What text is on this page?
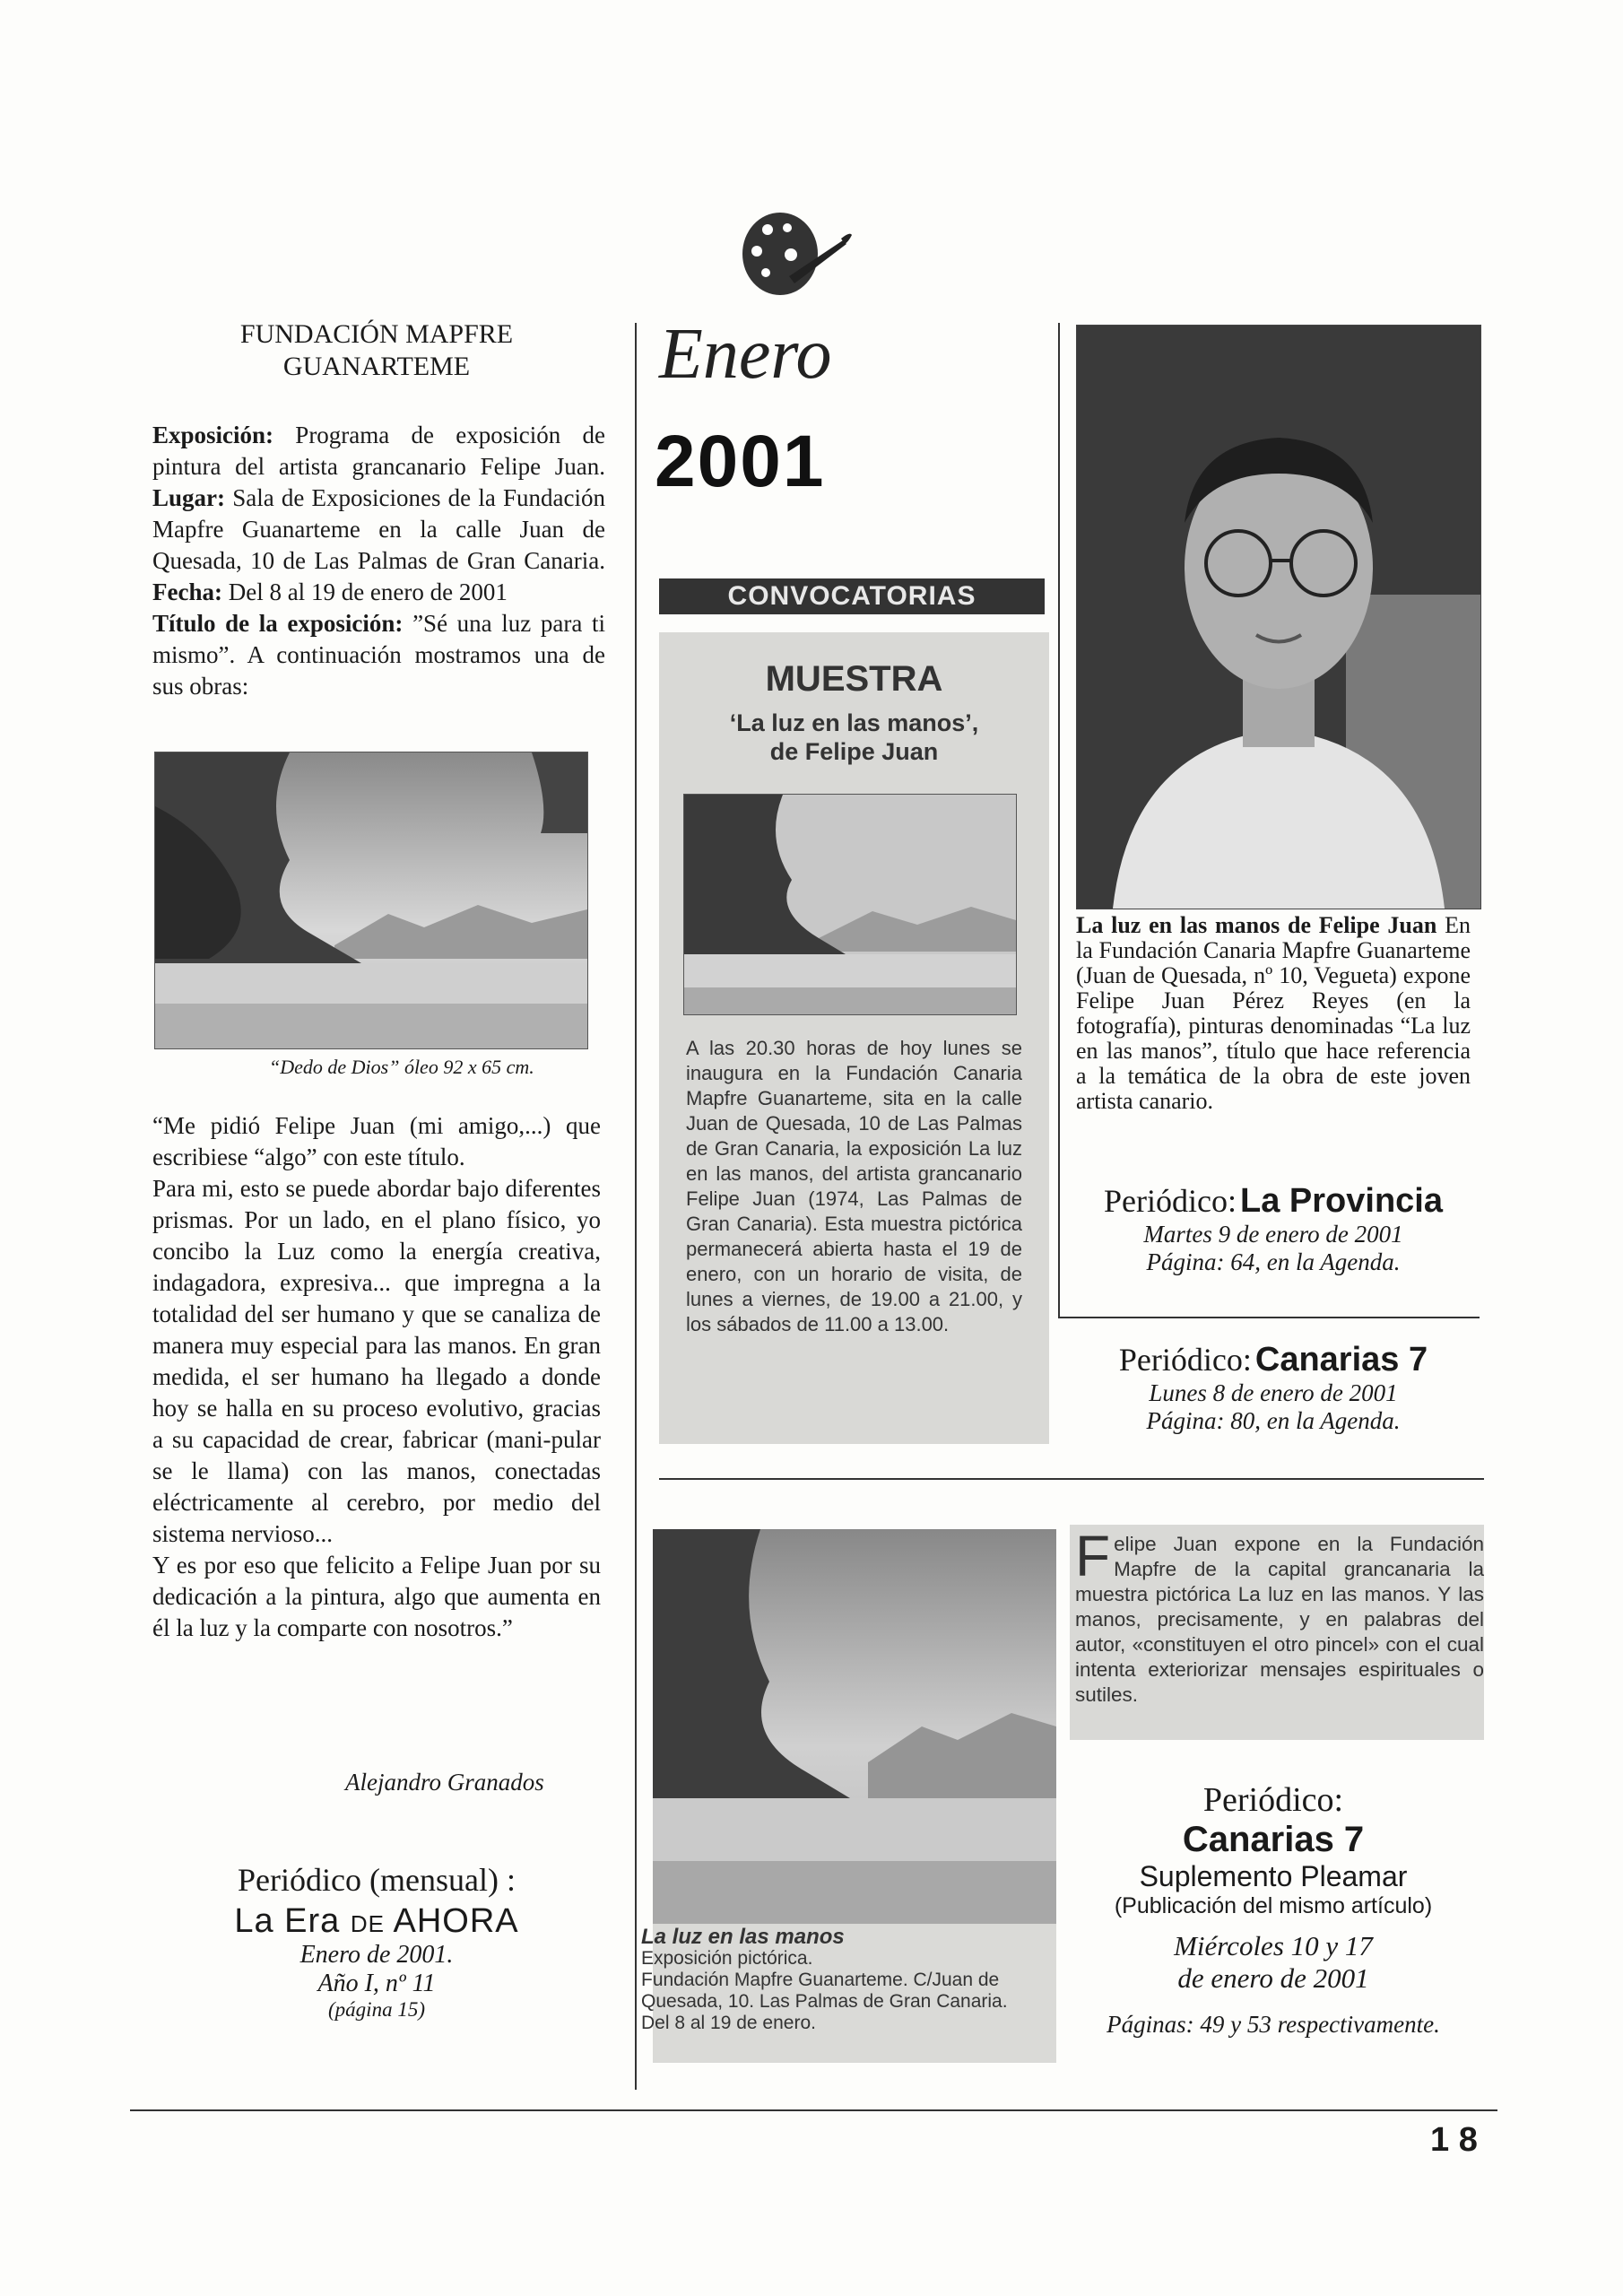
FUNDACIÓN MAPFRE
GUANARTEME
Exposición: Programa de exposición de pintura del artista grancanario Felipe Juan. Lugar: Sala de Exposiciones de la Fundación Mapfre Guanarteme en la calle Juan de Quesada, 10 de Las Palmas de Gran Canaria. Fecha: Del 8 al 19 de enero de 2001
Título de la exposición: ”Sé una luz para ti mismo”. A continuación mostramos una de sus obras:
“Dedo de Dios” óleo 92 x 65 cm.
“Me pidió Felipe Juan (mi amigo,...) que escribiese “algo” con este título.
Para mi, esto se puede abordar bajo diferentes prismas. Por un lado, en el plano físico, yo concibo la Luz como la energía creativa, indagadora, expresiva... que impregna a la totalidad del ser humano y que se canaliza de manera muy especial para las manos. En gran medida, el ser humano ha llegado a donde hoy se halla en su proceso evolutivo, gracias a su capacidad de crear, fabricar (mani-pular se le llama) con las manos, conectadas eléctricamente al cerebro, por medio del sistema nervioso...
Y es por eso que felicito a Felipe Juan por su dedicación a la pintura, algo que aumenta en él la luz y la comparte con nosotros.”
Alejandro Granados
Periódico (mensual) :
La Era DE AHORA
Enero de 2001.
Año I, nº 11
(página 15)
Enero
2001
CONVOCATORIAS
MUESTRA
‘La luz en las manos’,
de Felipe Juan
A las 20.30 horas de hoy lunes se inaugura en la Fundación Canaria Mapfre Guanarteme, sita en la calle Juan de Quesada, 10 de Las Palmas de Gran Canaria, la exposición La luz en las manos, del artista grancanario Felipe Juan (1974, Las Palmas de Gran Canaria). Esta muestra pictórica permanecerá abierta hasta el 19 de enero, con un horario de visita, de lunes a viernes, de 19.00 a 21.00, y los sábados de 11.00 a 13.00.
La luz en las manos
Exposición pictórica.
Fundación Mapfre Guanarteme. C/Juan de Quesada, 10. Las Palmas de Gran Canaria.
Del 8 al 19 de enero.
La luz en las manos de Felipe Juan En la Fundación Canaria Mapfre Guanarteme (Juan de Quesada, nº 10, Vegueta) expone Felipe Juan Pérez Reyes (en la fotografía), pinturas denominadas “La luz en las manos”, título que hace referencia a la temática de la obra de este joven artista canario.
Periódico: La Provincia
Martes 9 de enero de 2001
Página: 64, en la Agenda.
Periódico: Canarias 7
Lunes 8 de enero de 2001
Página: 80, en la Agenda.
F elipe Juan expone en la Fundación Mapfre de la capital grancanaria la muestra pictórica La luz en las manos. Y las manos, precisamente, y en palabras del autor, «constituyen el otro pincel» con el cual intenta exteriorizar mensajes espirituales o sutiles.
Periódico:
Canarias 7
Suplemento Pleamar
(Publicación del mismo artículo)
Miércoles 10 y 17
de enero de 2001
Páginas: 49 y 53 respectivamente.
1 8
